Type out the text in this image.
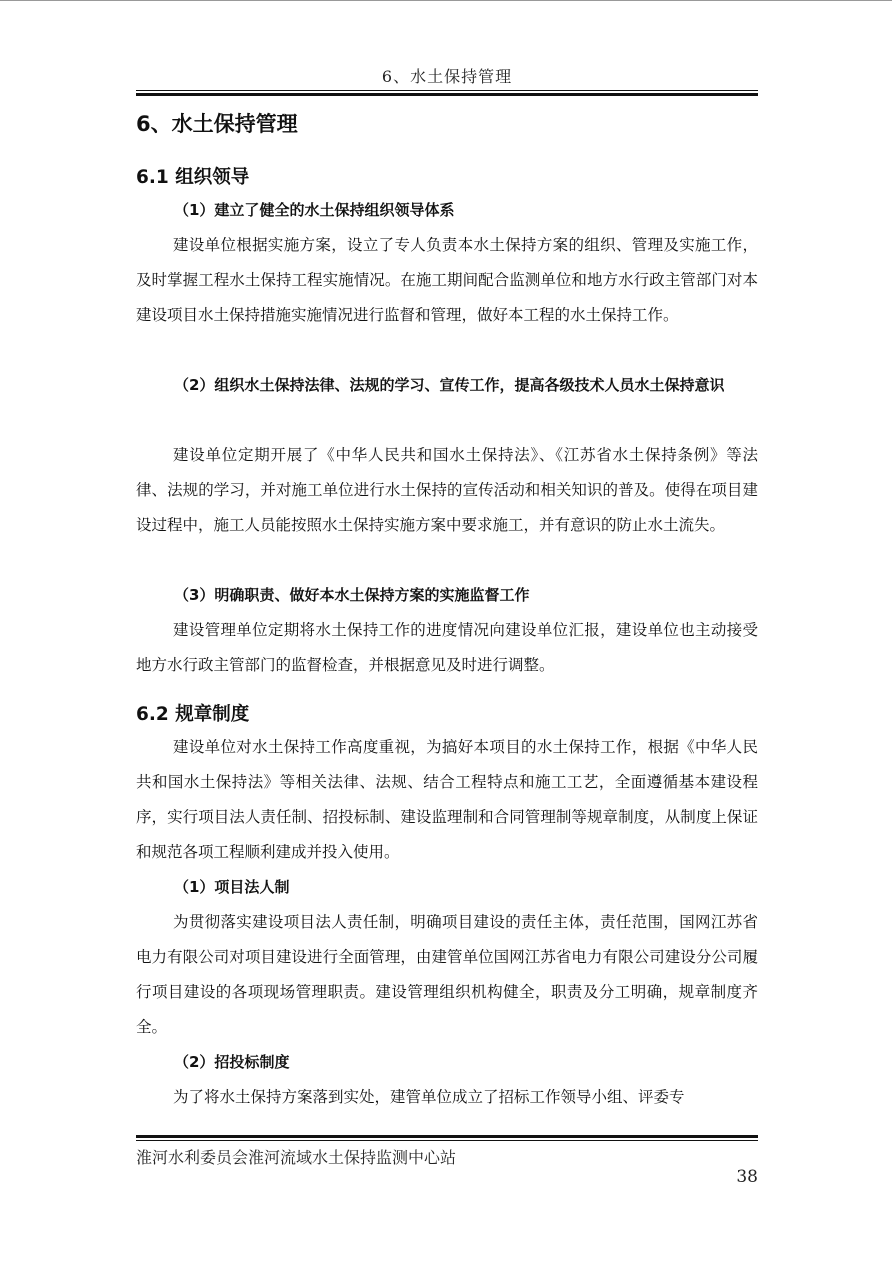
6、水土保持管理
6、水土保持管理
6.1 组织领导
（1）建立了健全的水土保持组织领导体系

建设单位根据实施方案，设立了专人负责本水土保持方案的组织、管理及实施工作，及时掌握工程水土保持工程实施情况。在施工期间配合监测单位和地方水行政主管部门对本建设项目水土保持措施实施情况进行监督和管理，做好本工程的水土保持工作。

（2）组织水土保持法律、法规的学习、宣传工作，提高各级技术人员水土保持意识

建设单位定期开展了《中华人民共和国水土保持法》、《江苏省水土保持条例》等法律、法规的学习，并对施工单位进行水土保持的宣传活动和相关知识的普及。使得在项目建设过程中，施工人员能按照水土保持实施方案中要求施工，并有意识的防止水土流失。

（3）明确职责、做好本水土保持方案的实施监督工作

建设管理单位定期将水土保持工作的进度情况向建设单位汇报，建设单位也主动接受地方水行政主管部门的监督检查，并根据意见及时进行调整。

6.2 规章制度

建设单位对水土保持工作高度重视，为搞好本项目的水土保持工作，根据《中华人民共和国水土保持法》等相关法律、法规、结合工程特点和施工工艺，全面遵循基本建设程序，实行项目法人责任制、招投标制、建设监理制和合同管理制等规章制度，从制度上保证和规范各项工程顺利建成并投入使用。

（1）项目法人制

为贯彻落实建设项目法人责任制，明确项目建设的责任主体，责任范围，国网江苏省电力有限公司对项目建设进行全面管理，由建管单位国网江苏省电力有限公司建设分公司履行项目建设的各项现场管理职责。建设管理组织机构健全，职责及分工明确，规章制度齐全。

（2）招投标制度

为了将水土保持方案落到实处，建管单位成立了招标工作领导小组、评委专

淮河水利委员会淮河流域水土保持监测中心站
38
